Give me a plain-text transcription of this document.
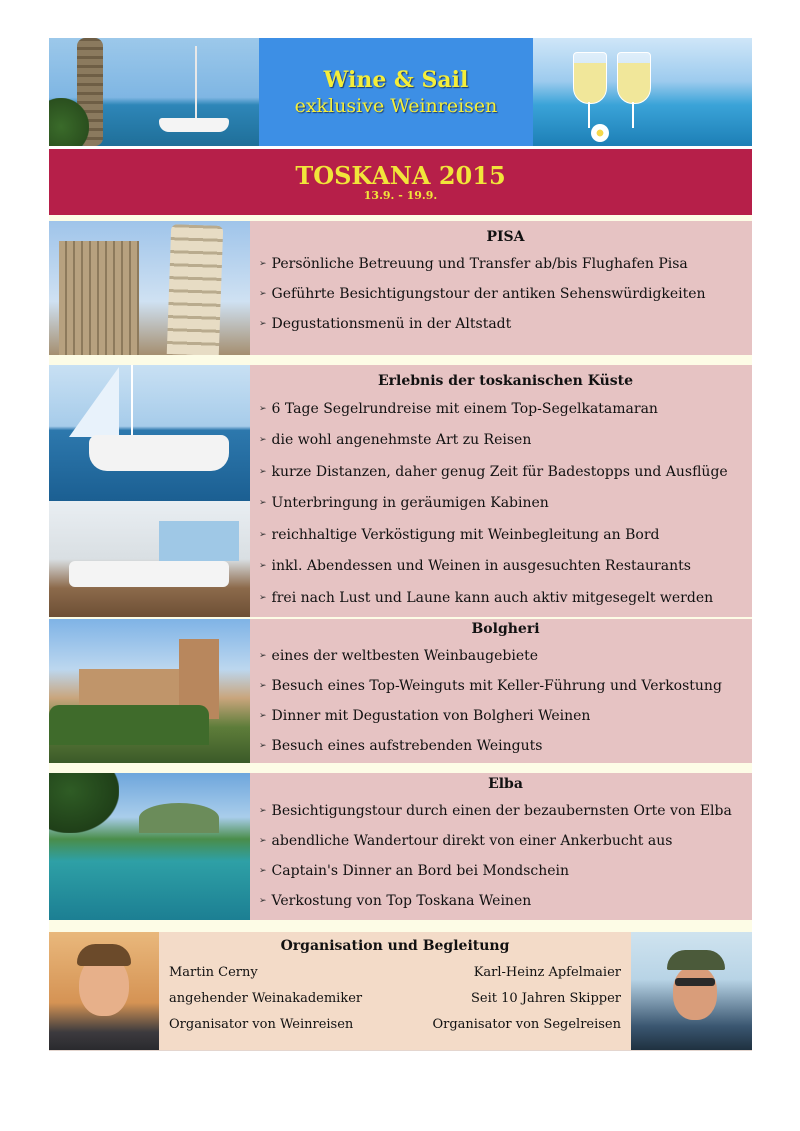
Wine & Sail
exklusive Weinreisen
TOSKANA 2015
13.9. - 19.9.
PISA
➢ Persönliche Betreuung und Transfer ab/bis Flughafen Pisa
➢ Geführte Besichtigungstour der antiken Sehenswürdigkeiten
➢ Degustationsmenü in der Altstadt
Erlebnis der toskanischen Küste
➢ 6 Tage Segelrundreise mit einem Top-Segelkatamaran
➢ die wohl angenehmste Art zu Reisen
➢ kurze Distanzen, daher genug Zeit für Badestopps und Ausflüge
➢ Unterbringung in geräumigen Kabinen
➢ reichhaltige Verköstigung mit Weinbegleitung an Bord
➢ inkl. Abendessen und Weinen in ausgesuchten Restaurants
➢ frei nach Lust und Laune kann auch aktiv mitgesegelt werden
Bolgheri
➢ eines der weltbesten Weinbaugebiete
➢ Besuch eines Top-Weinguts mit Keller-Führung und Verkostung
➢ Dinner mit Degustation von Bolgheri Weinen
➢ Besuch eines aufstrebenden Weinguts
Elba
➢ Besichtigungstour durch einen der bezaubernsten Orte von Elba
➢ abendliche Wandertour direkt von einer Ankerbucht aus
➢ Captain's Dinner an Bord bei Mondschein
➢ Verkostung von Top Toskana Weinen
Organisation und Begleitung

Martin Cerny

angehender Weinakademiker

Organisator von Weinreisen

Karl-Heinz Apfelmaier

Seit 10 Jahren Skipper

Organisator von Segelreisen
